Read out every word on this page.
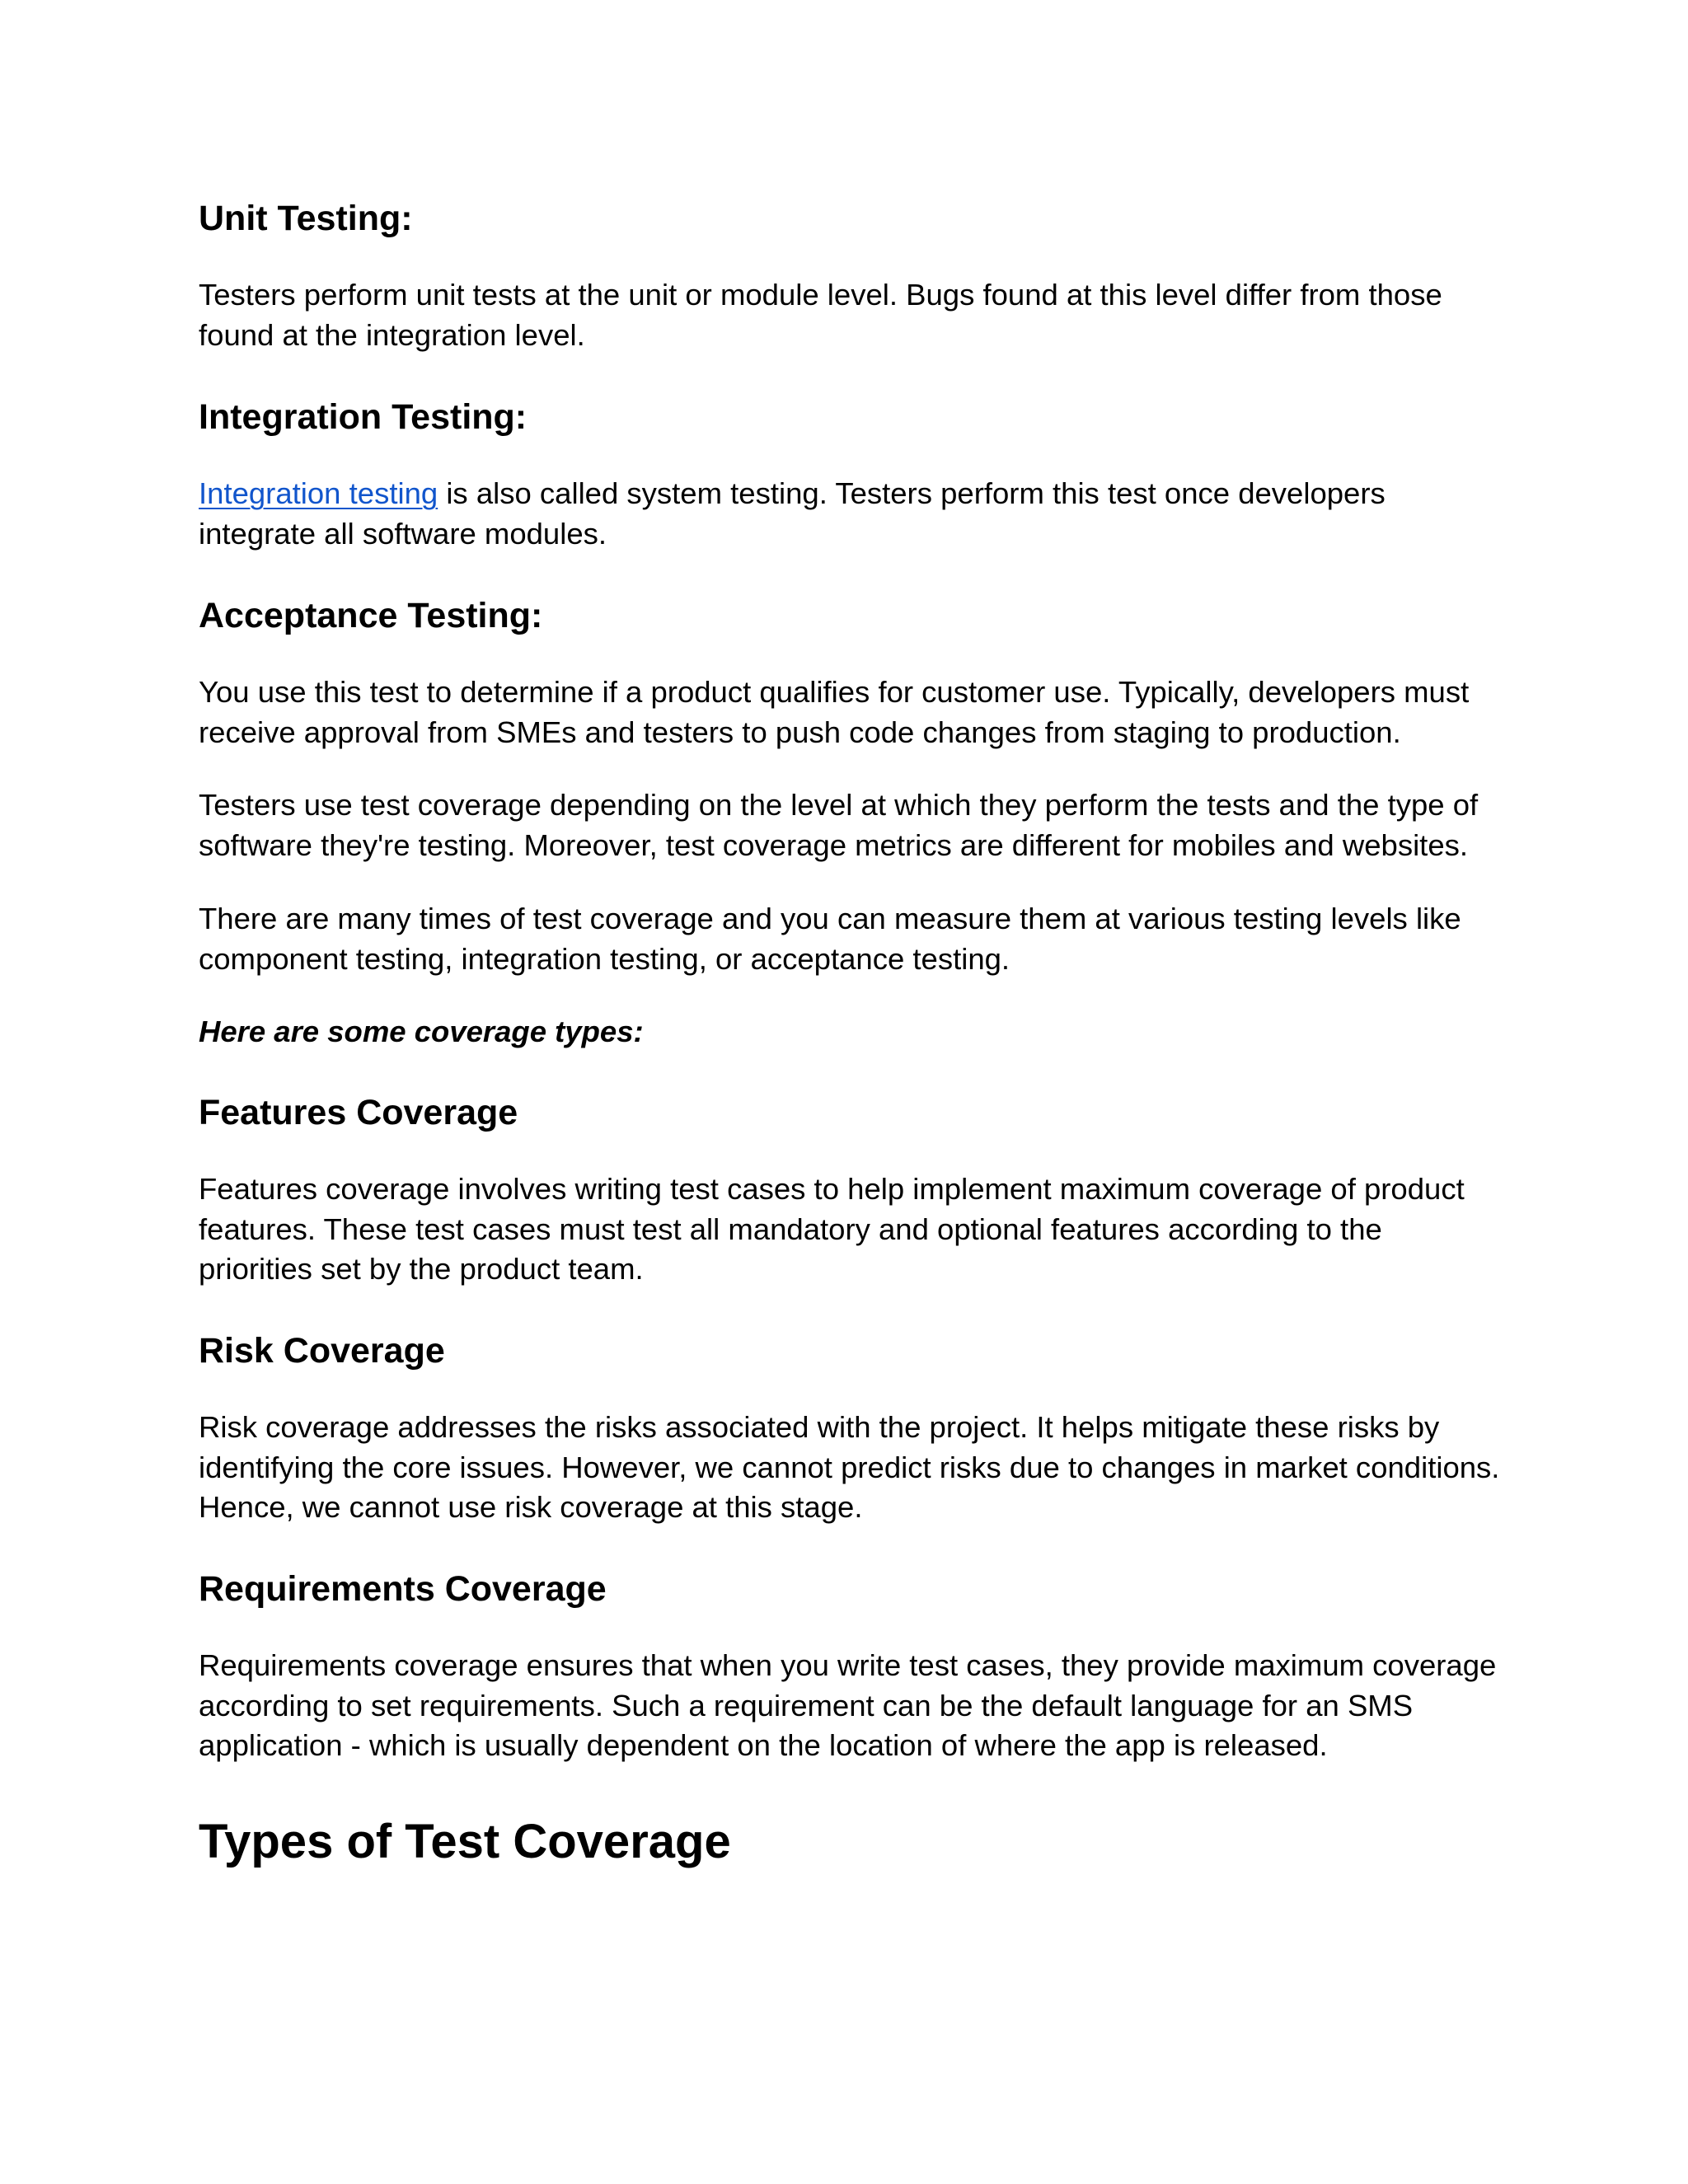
Unit Testing:

Testers perform unit tests at the unit or module level. Bugs found at this level differ from those found at the integration level.

Integration Testing:

Integration testing is also called system testing. Testers perform this test once developers integrate all software modules.

Acceptance Testing:

You use this test to determine if a product qualifies for customer use. Typically, developers must receive approval from SMEs and testers to push code changes from staging to production.

Testers use test coverage depending on the level at which they perform the tests and the type of software they're testing. Moreover, test coverage metrics are different for mobiles and websites.

There are many times of test coverage and you can measure them at various testing levels like component testing, integration testing, or acceptance testing.

Here are some coverage types:

Features Coverage

Features coverage involves writing test cases to help implement maximum coverage of product features. These test cases must test all mandatory and optional features according to the priorities set by the product team.

Risk Coverage

Risk coverage addresses the risks associated with the project. It helps mitigate these risks by identifying the core issues. However, we cannot predict risks due to changes in market conditions. Hence, we cannot use risk coverage at this stage.

Requirements Coverage

Requirements coverage ensures that when you write test cases, they provide maximum coverage according to set requirements. Such a requirement can be the default language for an SMS application - which is usually dependent on the location of where the app is released.

Types of Test Coverage
